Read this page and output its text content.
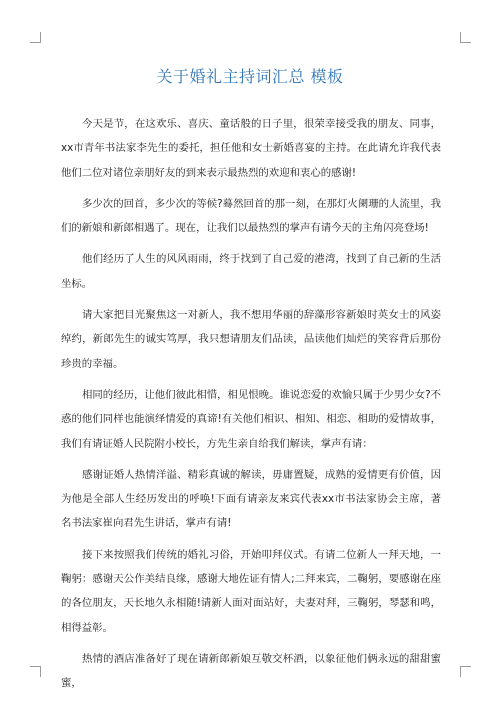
关于婚礼主持词汇总 模板

今天是节，在这欢乐、喜庆、童话般的日子里，很荣幸接受我的朋友、同事，xx市青年书法家李先生的委托，担任他和女士新婚喜宴的主持。在此请允许我代表他们二位对诸位亲朋好友的到来表示最热烈的欢迎和衷心的感谢!

多少次的回首，多少次的等候?蓦然回首的那一刻，在那灯火阑珊的人流里，我们的新娘和新郎相遇了。现在，让我们以最热烈的掌声有请今天的主角闪亮登场!

他们经历了人生的风风雨雨，终于找到了自己爱的港湾，找到了自己新的生活坐标。

请大家把目光聚焦这一对新人，我不想用华丽的辞藻形容新娘时英女士的风姿绰约，新郎先生的诚实笃厚，我只想请朋友们品读，品读他们灿烂的笑容背后那份珍贵的幸福。

相同的经历，让他们彼此相惜，相见恨晚。谁说恋爱的欢愉只属于少男少女?不惑的他们同样也能演绎情爱的真谛!有关他们相识、相知、相恋、相助的爱情故事，我们有请证婚人民院附小校长，方先生亲自给我们解读，掌声有请：

感谢证婚人热情洋溢、精彩真诚的解读，毋庸置疑，成熟的爱情更有价值，因为他是全部人生经历发出的呼唤!下面有请亲友来宾代表xx市书法家协会主席，著名书法家崔向君先生讲话，掌声有请!

接下来按照我们传统的婚礼习俗，开始叩拜仪式。有请二位新人一拜天地，一鞠躬：感谢天公作美结良缘，感谢大地佐证有情人;二拜来宾，二鞠躬，要感谢在座的各位朋友，天长地久永相随!请新人面对面站好，夫妻对拜，三鞠躬，琴瑟和鸣，相得益彰。

热情的酒店准备好了现在请新郎新娘互敬交杯酒，以象征他们俩永远的甜甜蜜蜜，
